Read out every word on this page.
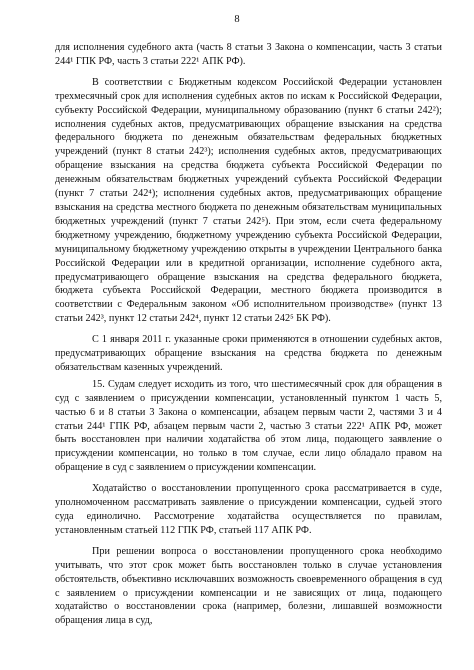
8

для исполнения судебного акта (часть 8 статьи 3 Закона о компенсации, часть 3 статьи 244¹ ГПК РФ, часть 3 статьи 222¹ АПК РФ).

В соответствии с Бюджетным кодексом Российской Федерации установлен трехмесячный срок для исполнения судебных актов по искам к Российской Федерации, субъекту Российской Федерации, муниципальному образованию (пункт 6 статьи 242²); исполнения судебных актов, предусматривающих обращение взыскания на средства федерального бюджета по денежным обязательствам федеральных бюджетных учреждений (пункт 8 статьи 242³); исполнения судебных актов, предусматривающих обращение взыскания на средства бюджета субъекта Российской Федерации по денежным обязательствам бюджетных учреждений субъекта Российской Федерации (пункт 7 статьи 242⁴); исполнения судебных актов, предусматривающих обращение взыскания на средства местного бюджета по денежным обязательствам муниципальных бюджетных учреждений (пункт 7 статьи 242⁵). При этом, если счета федеральному бюджетному учреждению, бюджетному учреждению субъекта Российской Федерации, муниципальному бюджетному учреждению открыты в учреждении Центрального банка Российской Федерации или в кредитной организации, исполнение судебного акта, предусматривающего обращение взыскания на средства федерального бюджета, бюджета субъекта Российской Федерации, местного бюджета производится в соответствии с Федеральным законом «Об исполнительном производстве» (пункт 13 статьи 242³, пункт 12 статьи 242⁴, пункт 12 статьи 242⁵ БК РФ).

С 1 января 2011 г. указанные сроки применяются в отношении судебных актов, предусматривающих обращение взыскания на средства бюджета по денежным обязательствам казенных учреждений.

15. Судам следует исходить из того, что шестимесячный срок для обращения в суд с заявлением о присуждении компенсации, установленный пунктом 1 часть 5, частью 6 и 8 статьи 3 Закона о компенсации, абзацем первым части 2, частями 3 и 4 статьи 244¹ ГПК РФ, абзацем первым части 2, частью 3 статьи 222¹ АПК РФ, может быть восстановлен при наличии ходатайства об этом лица, подающего заявление о присуждении компенсации, но только в том случае, если лицо обладало правом на обращение в суд с заявлением о присуждении компенсации.

Ходатайство о восстановлении пропущенного срока рассматривается в суде, уполномоченном рассматривать заявление о присуждении компенсации, судьей этого суда единолично. Рассмотрение ходатайства осуществляется по правилам, установленным статьей 112 ГПК РФ, статьей 117 АПК РФ.

При решении вопроса о восстановлении пропущенного срока необходимо учитывать, что этот срок может быть восстановлен только в случае установления обстоятельств, объективно исключавших возможность своевременного обращения в суд с заявлением о присуждении компенсации и не зависящих от лица, подающего ходатайство о восстановлении срока (например, болезни, лишавшей возможности обращения лица в суд,
